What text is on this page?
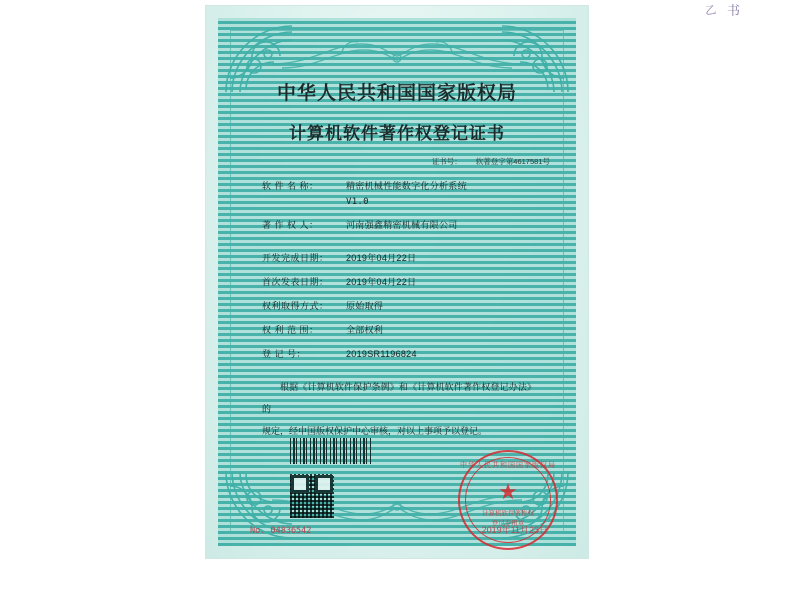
乙 书
中华人民共和国国家版权局
计算机软件著作权登记证书
证书号： 软著登字第4617581号
软 件 名 称：	精密机械性能数字化分析系统
V1.0
著 作 权 人：	河南强鑫精密机械有限公司
开发完成日期：	2019年04月22日
首次发表日期：	2019年04月22日
权利取得方式：	原始取得
权 利 范 围：	全部权利
登 记 号：	2019SR1196824

根据《计算机软件保护条例》和《计算机软件著作权登记办法》的

规定，经中国版权保护中心审核，对以上事项予以登记。

中华人民共和国国家版权局
★
计算机软件著作权
登记专用章
No. 04836542	2019年11月23日
